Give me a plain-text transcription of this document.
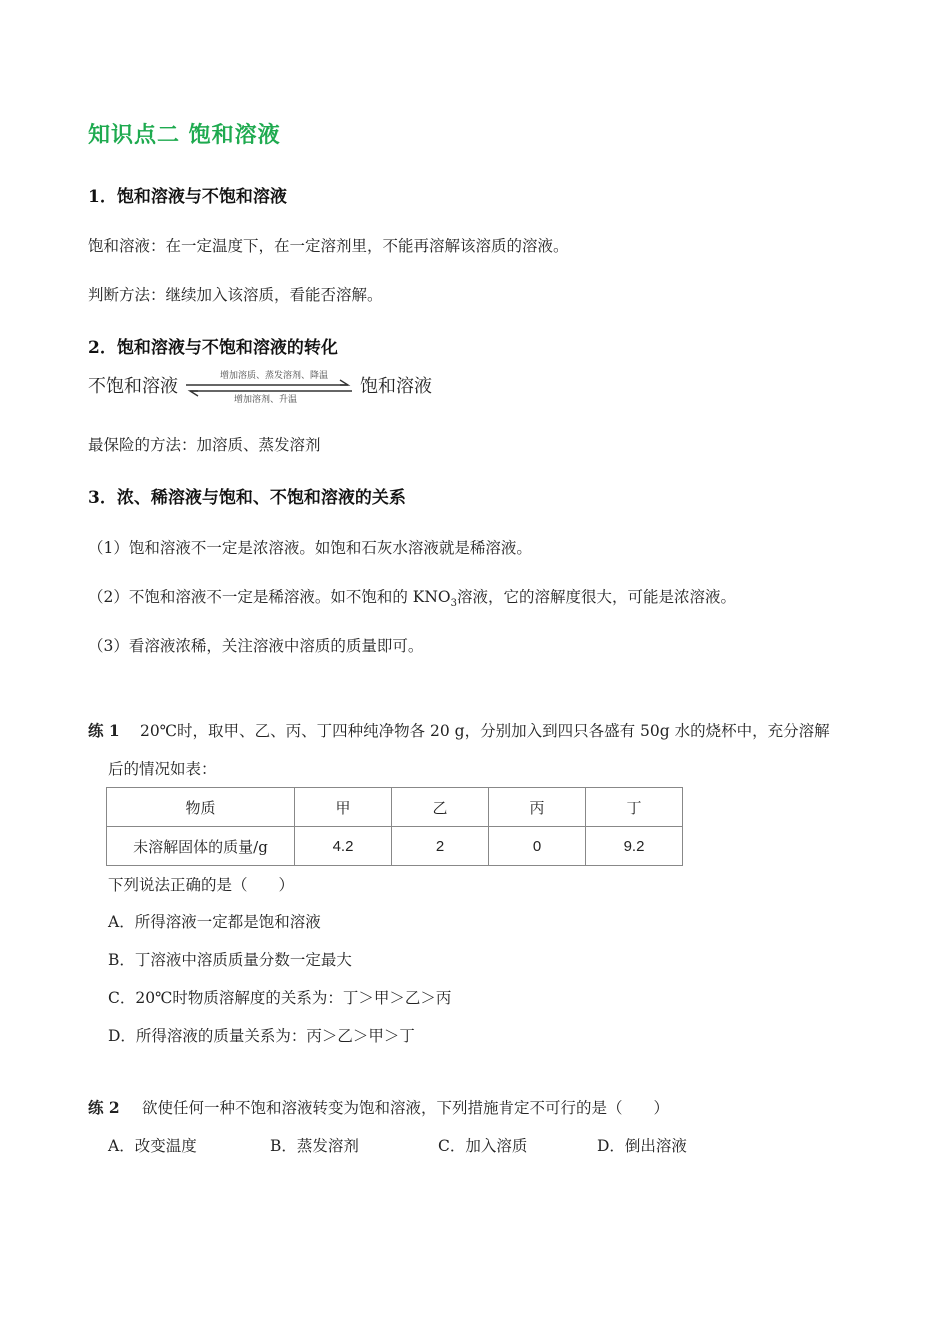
知识点二 饱和溶液
1．饱和溶液与不饱和溶液
饱和溶液：在一定温度下，在一定溶剂里，不能再溶解该溶质的溶液。
判断方法：继续加入该溶质，看能否溶解。
2．饱和溶液与不饱和溶液的转化
不饱和溶液	增加溶质、蒸发溶剂、降温
增加溶剂、升温
饱和溶液
最保险的方法：加溶质、蒸发溶剂
3．浓、稀溶液与饱和、不饱和溶液的关系
（1）饱和溶液不一定是浓溶液。如饱和石灰水溶液就是稀溶液。
（2）不饱和溶液不一定是稀溶液。如不饱和的 $KNO_3$溶液，它的溶解度很大，可能是浓溶液。
（3）看溶液浓稀，关注溶液中溶质的质量即可。
练 1 20℃时，取甲、乙、丙、丁四种纯净物各 20 g，分别加入到四只各盛有 50g 水的烧杯中，充分溶解
后的情况如表：
物质	甲	乙	丙	丁
未溶解固体的质量/g	4.2	2	0	9.2
下列说法正确的是（　　）
A．所得溶液一定都是饱和溶液
B．丁溶液中溶质质量分数一定最大
C．20℃时物质溶解度的关系为：丁＞甲＞乙＞丙
D．所得溶液的质量关系为：丙＞乙＞甲＞丁
练 2 欲使任何一种不饱和溶液转变为饱和溶液，下列措施肯定不可行的是（　　）
A．改变温度	B．蒸发溶剂	C．加入溶质	D．倒出溶液
